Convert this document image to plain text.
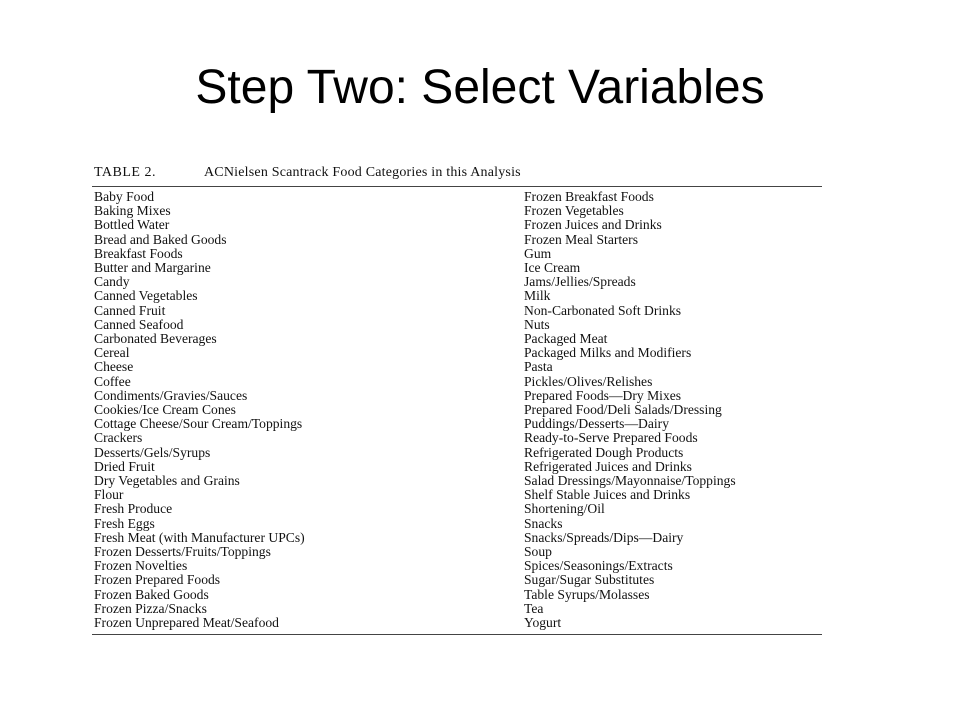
Step Two: Select Variables
TABLE 2.	ACNielsen Scantrack Food Categories in this Analysis
Baby Food
Baking Mixes
Bottled Water
Bread and Baked Goods
Breakfast Foods
Butter and Margarine
Candy
Canned Vegetables
Canned Fruit
Canned Seafood
Carbonated Beverages
Cereal
Cheese
Coffee
Condiments/Gravies/Sauces
Cookies/Ice Cream Cones
Cottage Cheese/Sour Cream/Toppings
Crackers
Desserts/Gels/Syrups
Dried Fruit
Dry Vegetables and Grains
Flour
Fresh Produce
Fresh Eggs
Fresh Meat (with Manufacturer UPCs)
Frozen Desserts/Fruits/Toppings
Frozen Novelties
Frozen Prepared Foods
Frozen Baked Goods
Frozen Pizza/Snacks
Frozen Unprepared Meat/Seafood
Frozen Breakfast Foods
Frozen Vegetables
Frozen Juices and Drinks
Frozen Meal Starters
Gum
Ice Cream
Jams/Jellies/Spreads
Milk
Non-Carbonated Soft Drinks
Nuts
Packaged Meat
Packaged Milks and Modifiers
Pasta
Pickles/Olives/Relishes
Prepared Foods—Dry Mixes
Prepared Food/Deli Salads/Dressing
Puddings/Desserts—Dairy
Ready-to-Serve Prepared Foods
Refrigerated Dough Products
Refrigerated Juices and Drinks
Salad Dressings/Mayonnaise/Toppings
Shelf Stable Juices and Drinks
Shortening/Oil
Snacks
Snacks/Spreads/Dips—Dairy
Soup
Spices/Seasonings/Extracts
Sugar/Sugar Substitutes
Table Syrups/Molasses
Tea
Yogurt
